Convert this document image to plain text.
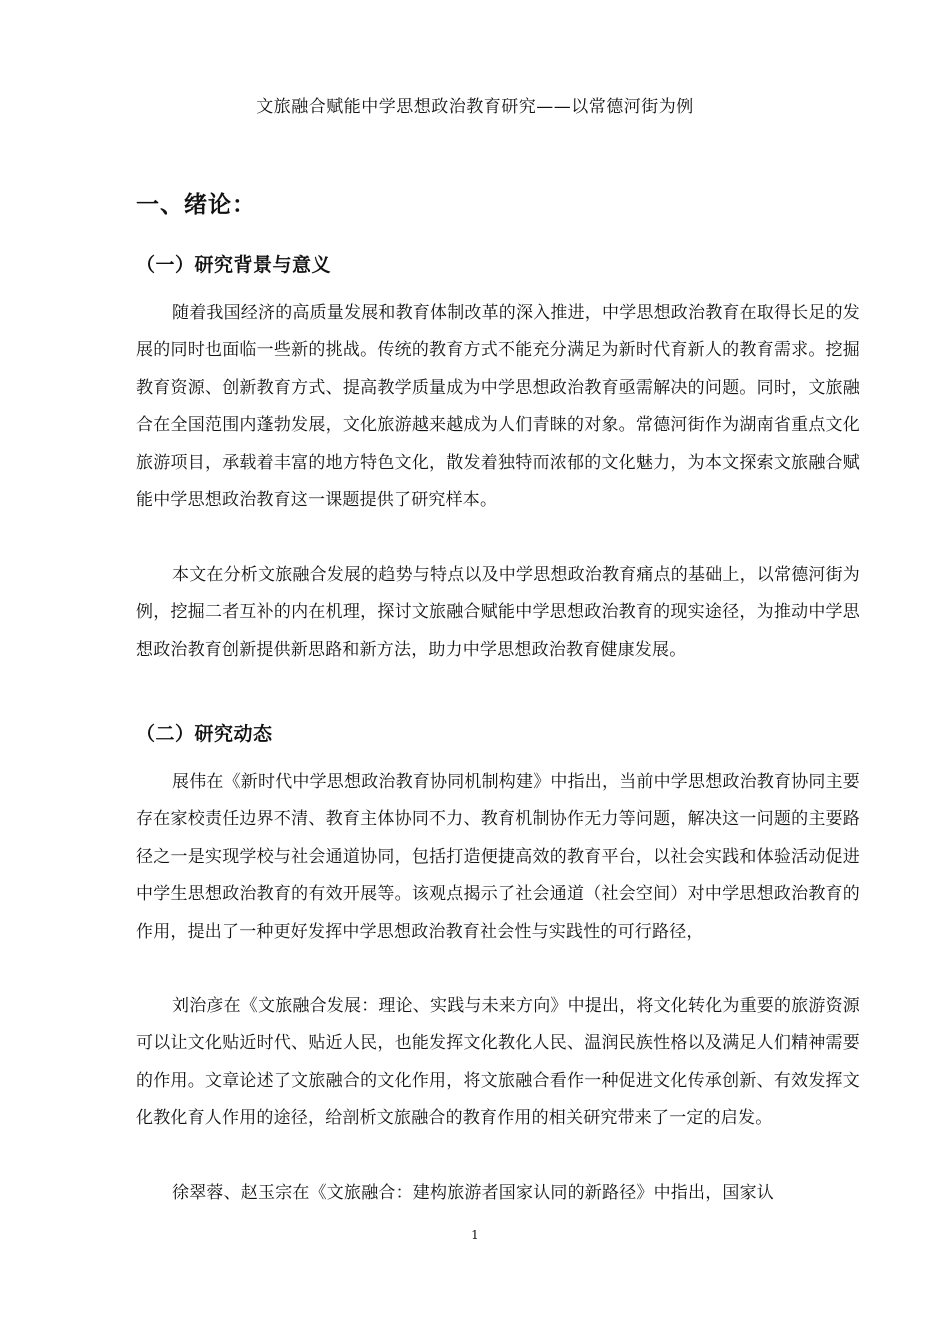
文旅融合赋能中学思想政治教育研究——以常德河街为例
一、绪论：
（一）研究背景与意义

随着我国经济的高质量发展和教育体制改革的深入推进，中学思想政治教育在取得长足的发展的同时也面临一些新的挑战。传统的教育方式不能充分满足为新时代育新人的教育需求。挖掘教育资源、创新教育方式、提高教学质量成为中学思想政治教育亟需解决的问题。同时，文旅融合在全国范围内蓬勃发展，文化旅游越来越成为人们青睐的对象。常德河街作为湖南省重点文化旅游项目，承载着丰富的地方特色文化，散发着独特而浓郁的文化魅力，为本文探索文旅融合赋能中学思想政治教育这一课题提供了研究样本。

本文在分析文旅融合发展的趋势与特点以及中学思想政治教育痛点的基础上，以常德河街为例，挖掘二者互补的内在机理，探讨文旅融合赋能中学思想政治教育的现实途径，为推动中学思想政治教育创新提供新思路和新方法，助力中学思想政治教育健康发展。

（二）研究动态

展伟在《新时代中学思想政治教育协同机制构建》中指出，当前中学思想政治教育协同主要存在家校责任边界不清、教育主体协同不力、教育机制协作无力等问题，解决这一问题的主要路径之一是实现学校与社会通道协同，包括打造便捷高效的教育平台，以社会实践和体验活动促进中学生思想政治教育的有效开展等。该观点揭示了社会通道（社会空间）对中学思想政治教育的作用，提出了一种更好发挥中学思想政治教育社会性与实践性的可行路径，

刘治彦在《文旅融合发展：理论、实践与未来方向》中提出，将文化转化为重要的旅游资源可以让文化贴近时代、贴近人民，也能发挥文化教化人民、温润民族性格以及满足人们精神需要的作用。文章论述了文旅融合的文化作用，将文旅融合看作一种促进文化传承创新、有效发挥文化教化育人作用的途径，给剖析文旅融合的教育作用的相关研究带来了一定的启发。

徐翠蓉、赵玉宗在《文旅融合：建构旅游者国家认同的新路径》中指出，国家认

1
